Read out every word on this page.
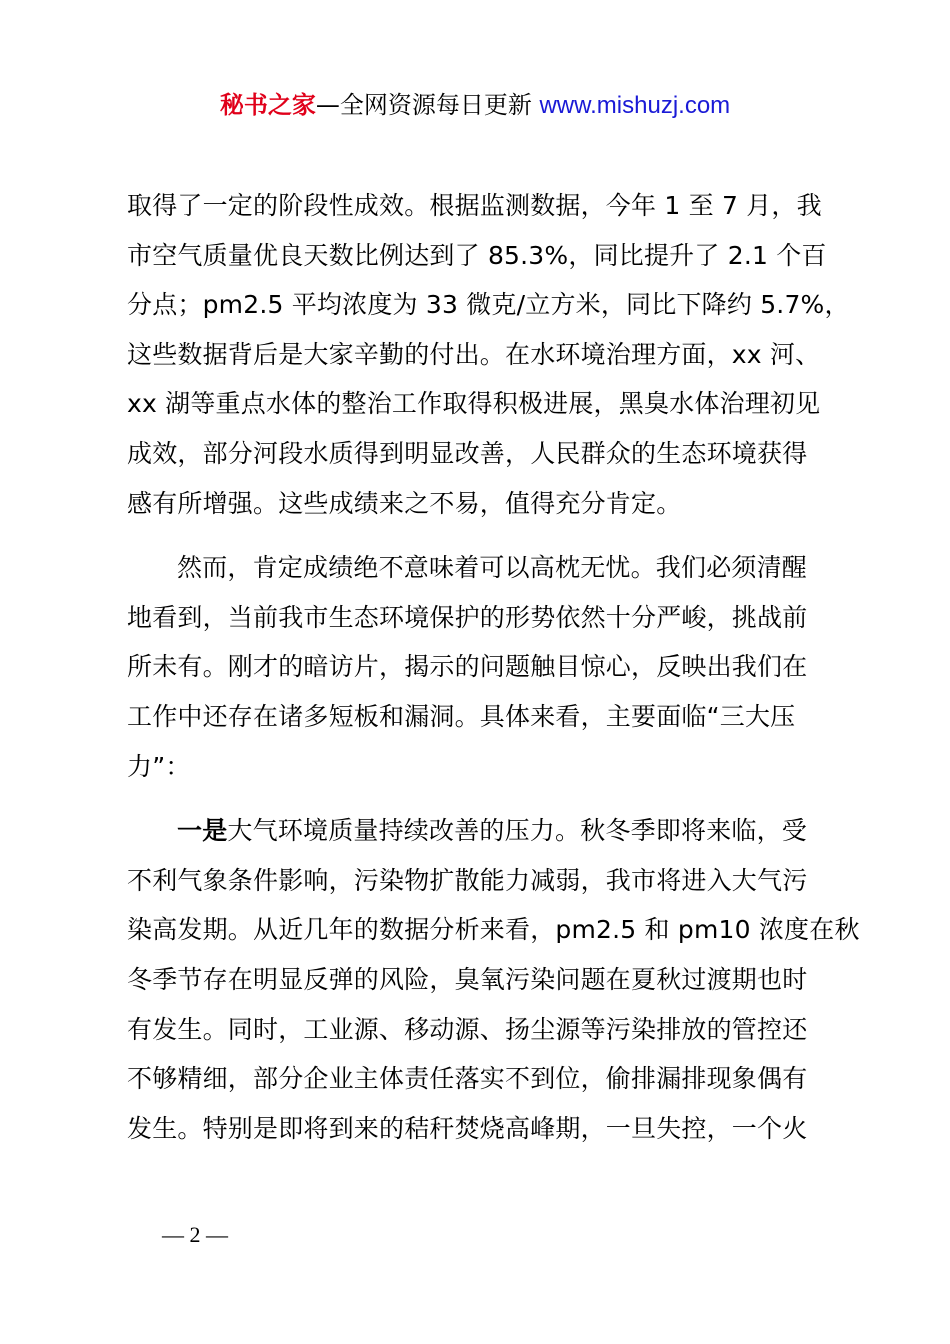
秘书之家—全网资源每日更新 www.mishuzj.com

取得了一定的阶段性成效。根据监测数据，今年 1 至 7 月，我
市空气质量优良天数比例达到了 85.3%，同比提升了 2.1 个百
分点；pm2.5 平均浓度为 33 微克/立方米，同比下降约 5.7%，
这些数据背后是大家辛勤的付出。在水环境治理方面，xx 河、
xx 湖等重点水体的整治工作取得积极进展，黑臭水体治理初见
成效，部分河段水质得到明显改善，人民群众的生态环境获得
感有所增强。这些成绩来之不易，值得充分肯定。

然而，肯定成绩绝不意味着可以高枕无忧。我们必须清醒
地看到，当前我市生态环境保护的形势依然十分严峻，挑战前
所未有。刚才的暗访片，揭示的问题触目惊心，反映出我们在
工作中还存在诸多短板和漏洞。具体来看，主要面临“三大压
力”：

一是大气环境质量持续改善的压力。秋冬季即将来临，受
不利气象条件影响，污染物扩散能力减弱，我市将进入大气污
染高发期。从近几年的数据分析来看，pm2.5 和 pm10 浓度在秋
冬季节存在明显反弹的风险，臭氧污染问题在夏秋过渡期也时
有发生。同时，工业源、移动源、扬尘源等污染排放的管控还
不够精细，部分企业主体责任落实不到位，偷排漏排现象偶有
发生。特别是即将到来的秸秆焚烧高峰期，一旦失控，一个火

— 2 —
